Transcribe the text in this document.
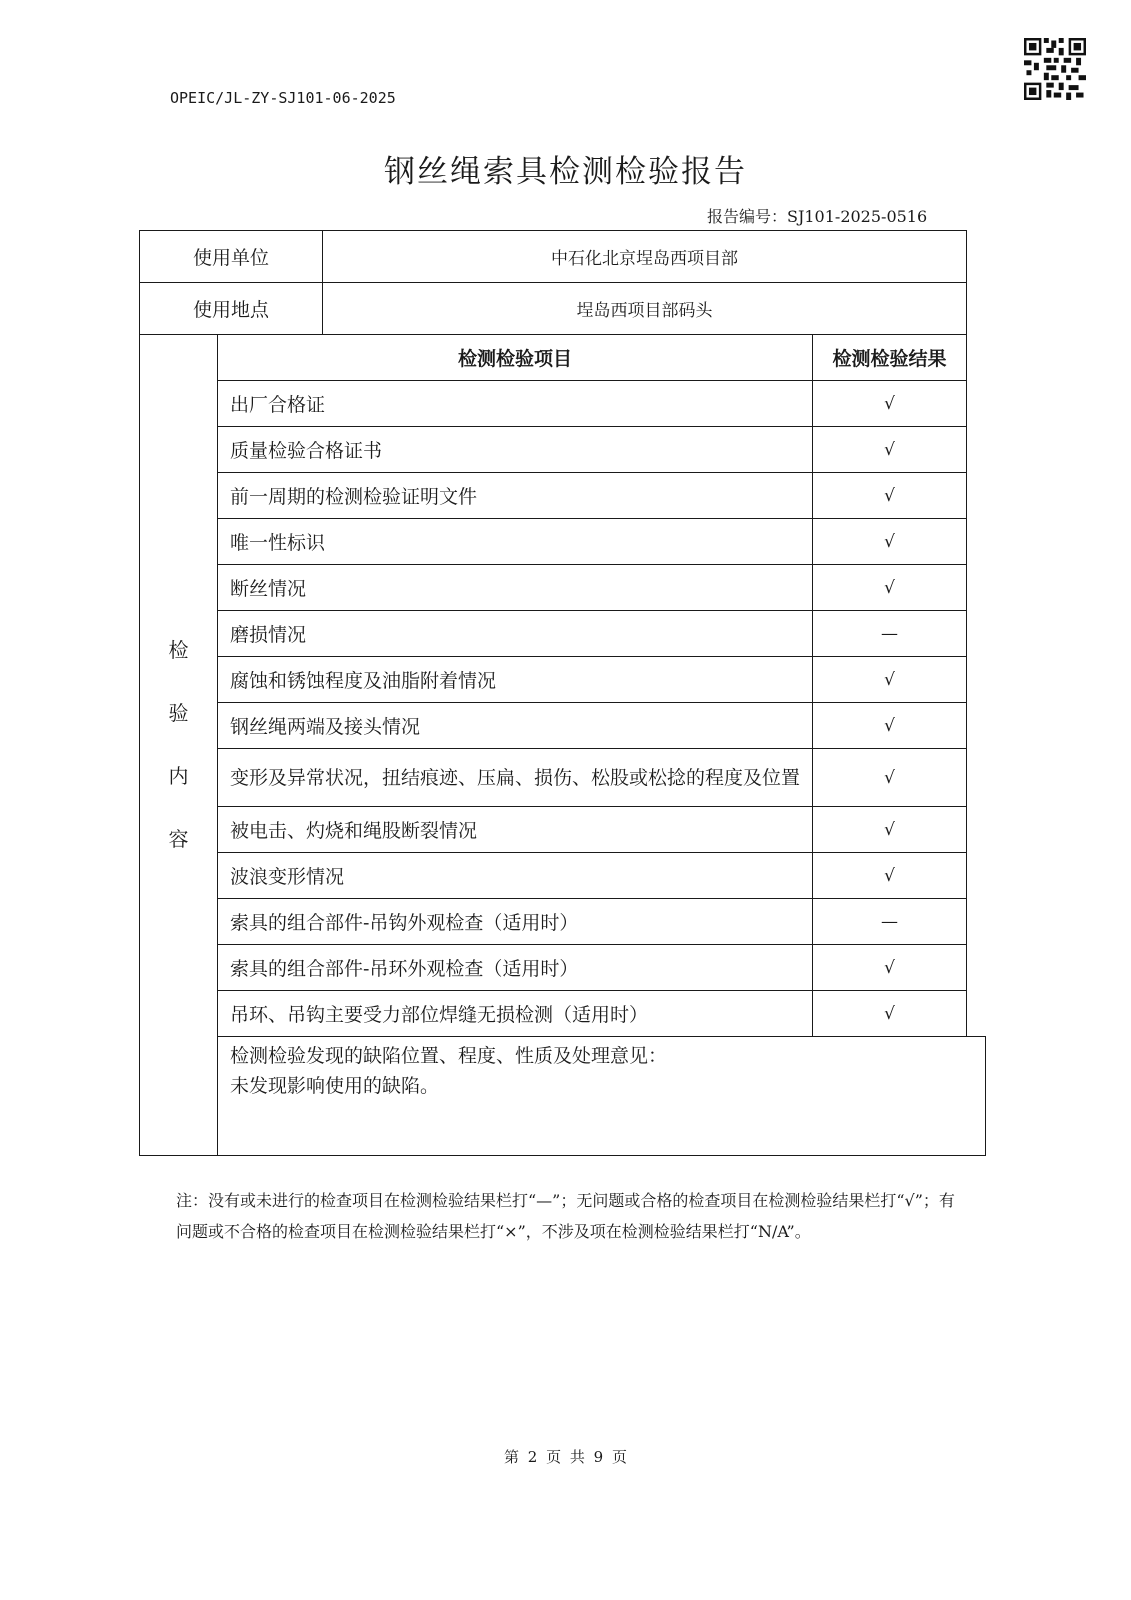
OPEIC/JL-ZY-SJ101-06-2025
钢丝绳索具检测检验报告
报告编号：SJ101-2025-0516
使用单位		中石化北京埕岛西项目部	
使用地点		埕岛西项目部码头	

检
验
内
容	检测检验项目		检测检验结果
	出厂合格证		√
	质量检验合格证书		√
	前一周期的检测检验证明文件		√
	唯一性标识		√
	断丝情况		√
	磨损情况		—
	腐蚀和锈蚀程度及油脂附着情况		√
	钢丝绳两端及接头情况		√
	变形及异常状况，扭结痕迹、压扁、损伤、松股或松捻的程度及位置		√
	被电击、灼烧和绳股断裂情况		√
	波浪变形情况		√
	索具的组合部件-吊钩外观检查（适用时）		—
	索具的组合部件-吊环外观检查（适用时）		√
	吊环、吊钩主要受力部位焊缝无损检测（适用时）		√

	检测检验发现的缺陷位置、程度、性质及处理意见：
未发现影响使用的缺陷。		
注：没有或未进行的检查项目在检测检验结果栏打“—”；无问题或合格的检查项目在检测检验结果栏打“√”；有问题或不合格的检查项目在检测检验结果栏打“×”，不涉及项在检测检验结果栏打“N/A”。
第 2 页 共 9 页
